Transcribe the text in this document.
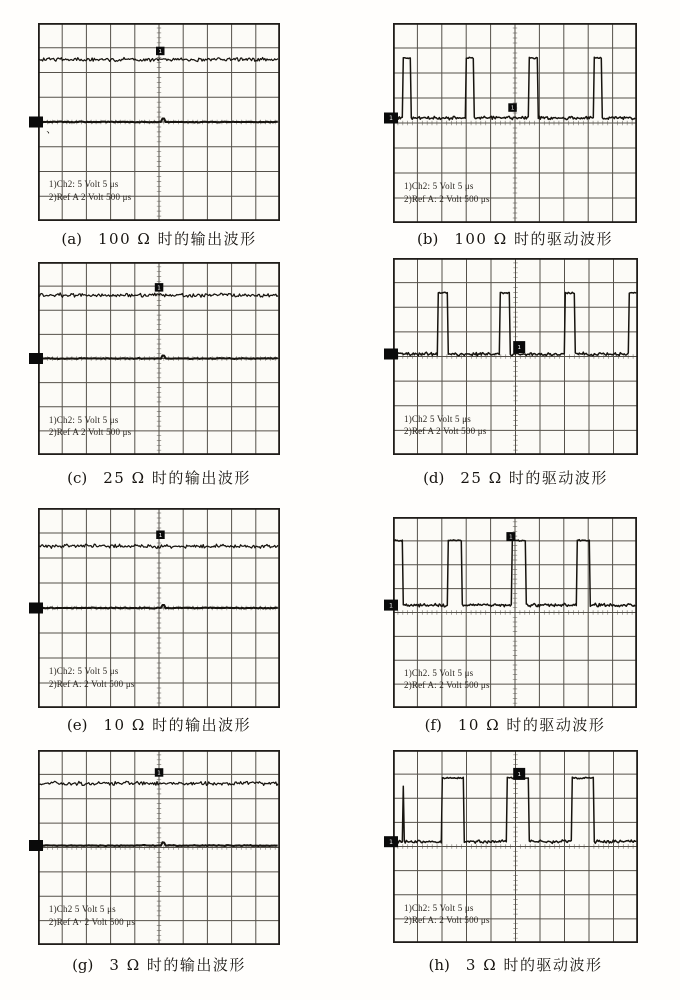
1
、
1)Ch2: 5 Volt 5 μs
2)Ref A 2 Volt 500 μs
(a) 100 Ω 时的输出波形
1
1
1)Ch2: 5 Volt 5 μs
2)Ref A: 2 Volt 500 μs
(b) 100 Ω 时的驱动波形
1
1)Ch2: 5 Volt 5 μs
2)Ref A 2 Volt 500 μs
(c) 25 Ω 时的输出波形
1
1)Ch2 5 Volt 5 μs
2)Ref A 2 Volt 500 μs
(d) 25 Ω 时的驱动波形
1
1)Ch2: 5 Volt 5 μs
2)Ref A: 2 Volt 500 μs
(e) 10 Ω 时的输出波形
1
1
1)Ch2. 5 Volt 5 μs
2)Ref A: 2 Volt 500 μs
(f) 10 Ω 时的驱动波形
1
1)Ch2 5 Volt 5 μs
2)Ref A· 2 Volt 500 μs
(g) 3 Ω 时的输出波形
1
1
1)Ch2: 5 Volt 5 μs
2)Ref A: 2 Volt 500 μs
(h) 3 Ω 时的驱动波形
